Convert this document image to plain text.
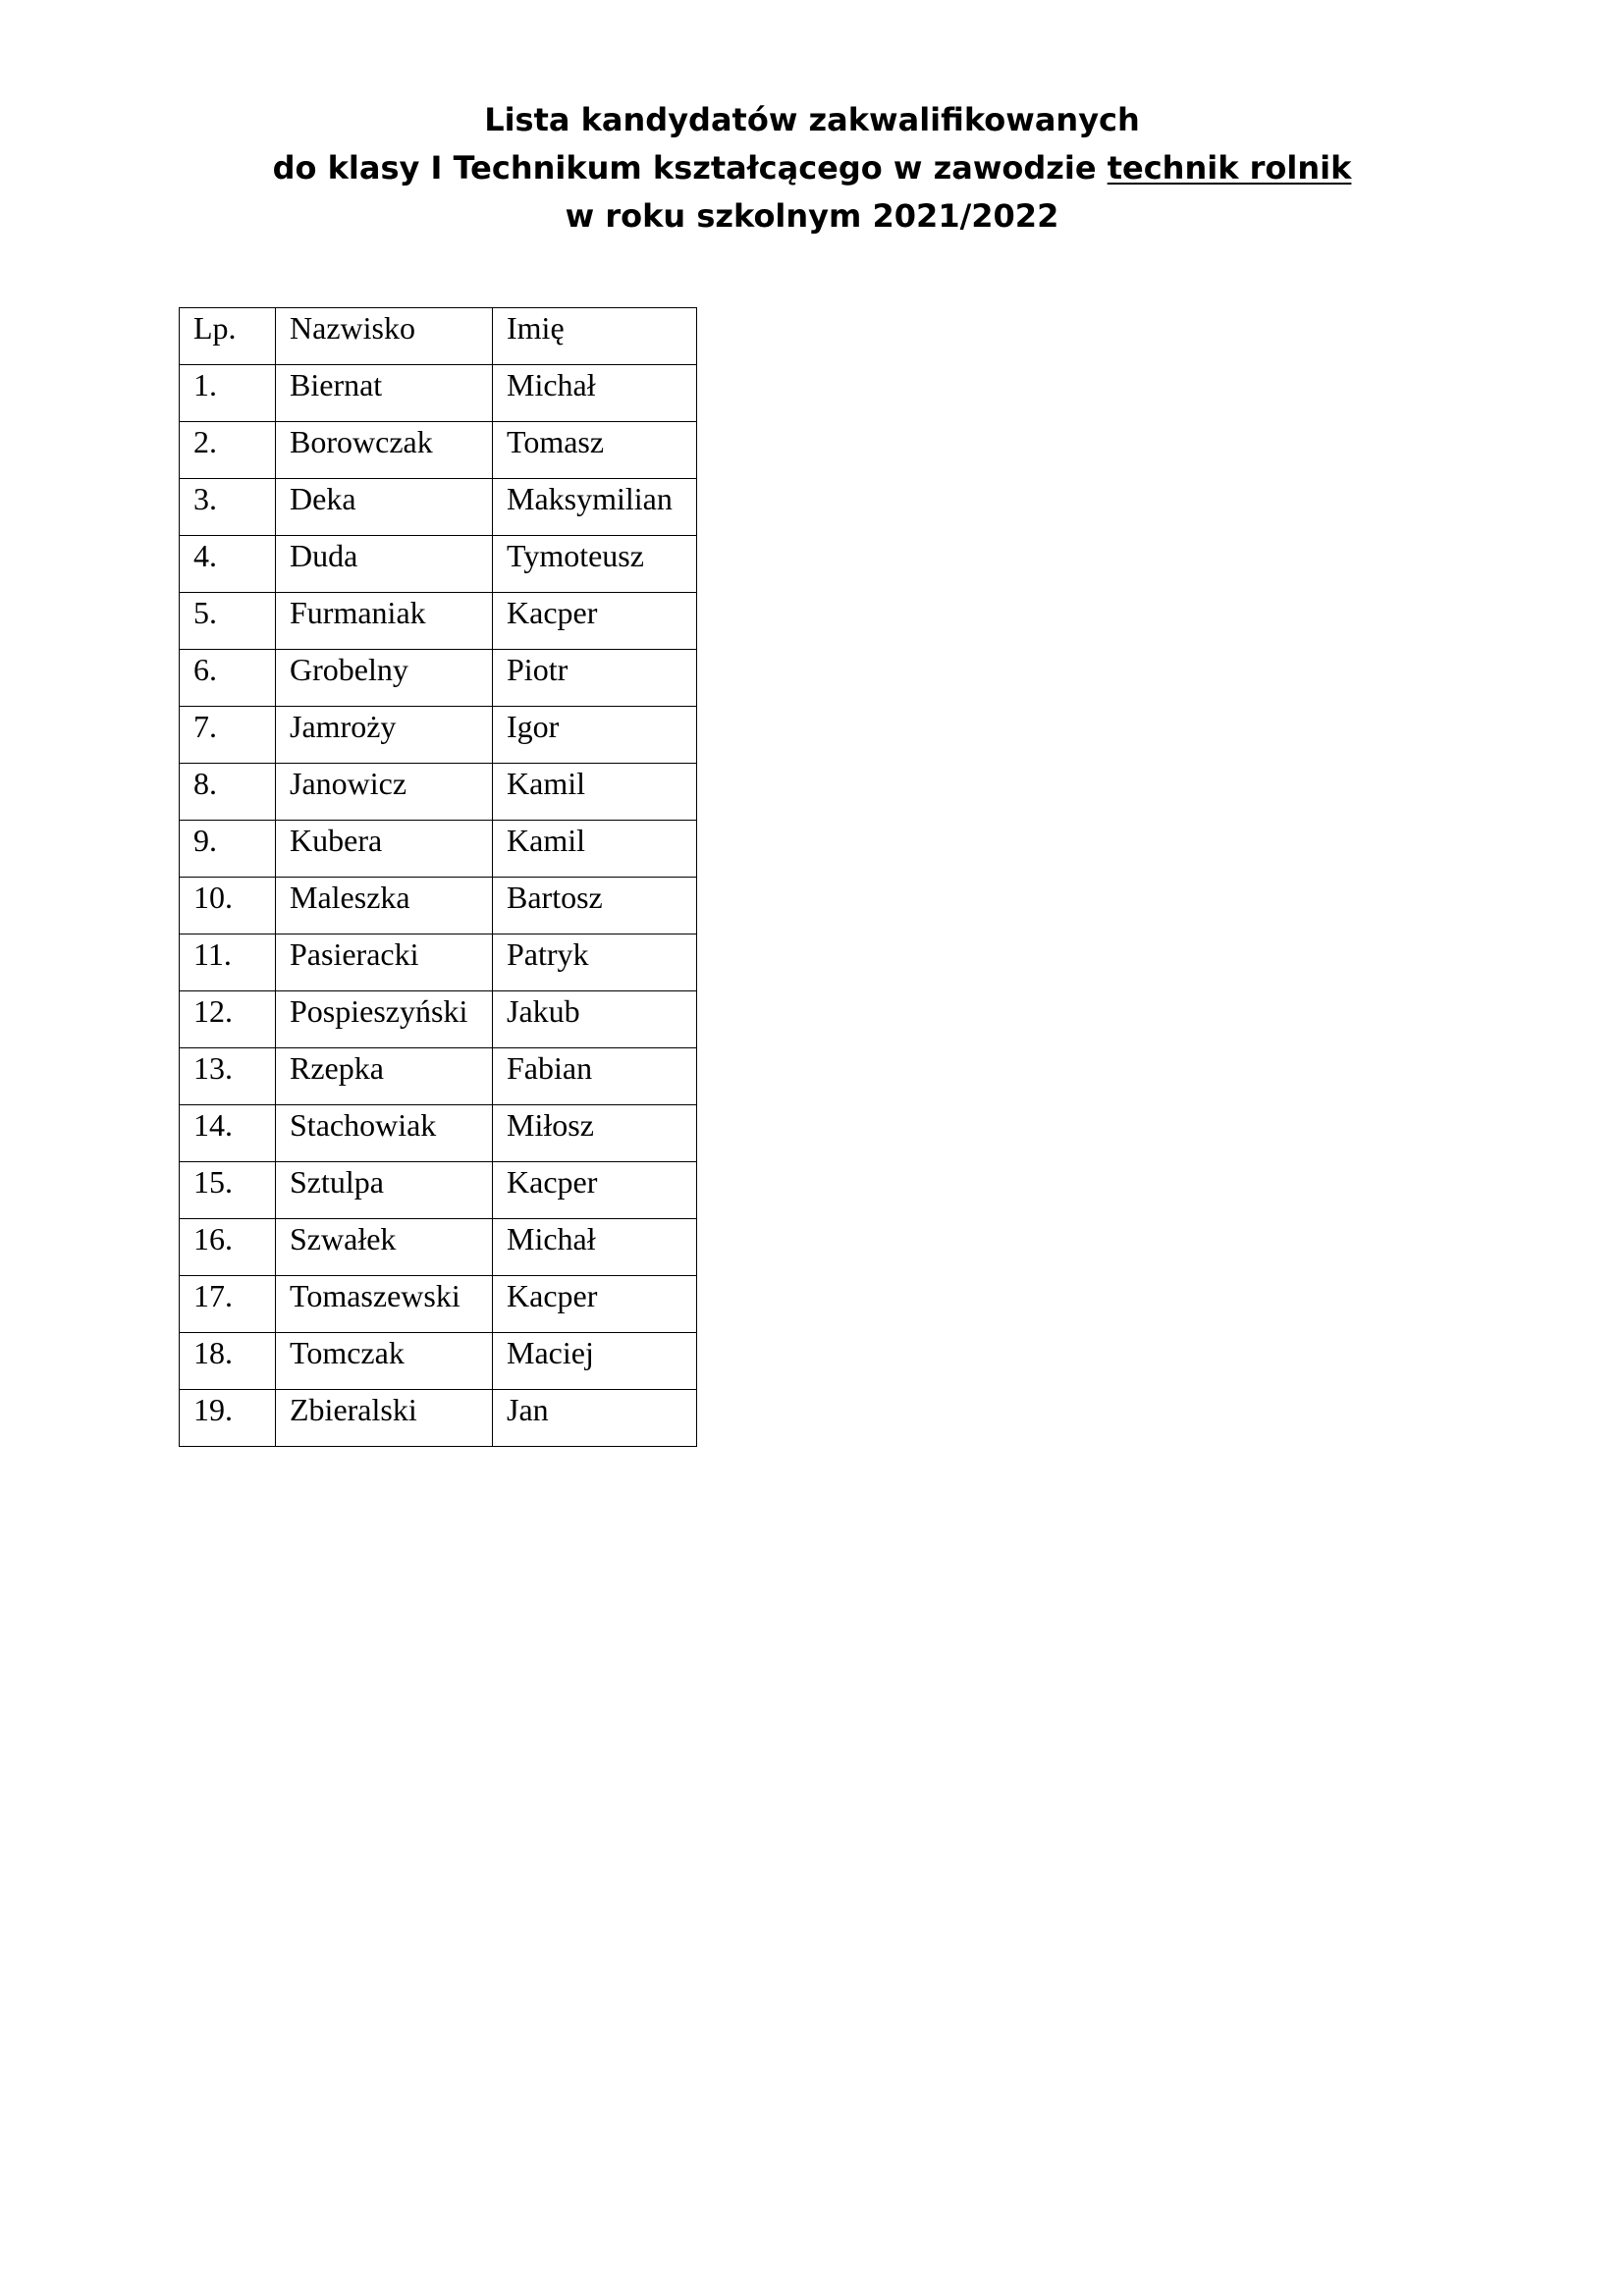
Lista kandydatów zakwalifikowanych
do klasy I Technikum kształcącego w zawodzie technik rolnik
w roku szkolnym 2021/2022
Lp.	Nazwisko	Imię
1.	Biernat	Michał
2.	Borowczak	Tomasz
3.	Deka	Maksymilian
4.	Duda	Tymoteusz
5.	Furmaniak	Kacper
6.	Grobelny	Piotr
7.	Jamroży	Igor
8.	Janowicz	Kamil
9.	Kubera	Kamil
10.	Maleszka	Bartosz
11.	Pasieracki	Patryk
12.	Pospieszyński	Jakub
13.	Rzepka	Fabian
14.	Stachowiak	Miłosz
15.	Sztulpa	Kacper
16.	Szwałek	Michał
17.	Tomaszewski	Kacper
18.	Tomczak	Maciej
19.	Zbieralski	Jan
